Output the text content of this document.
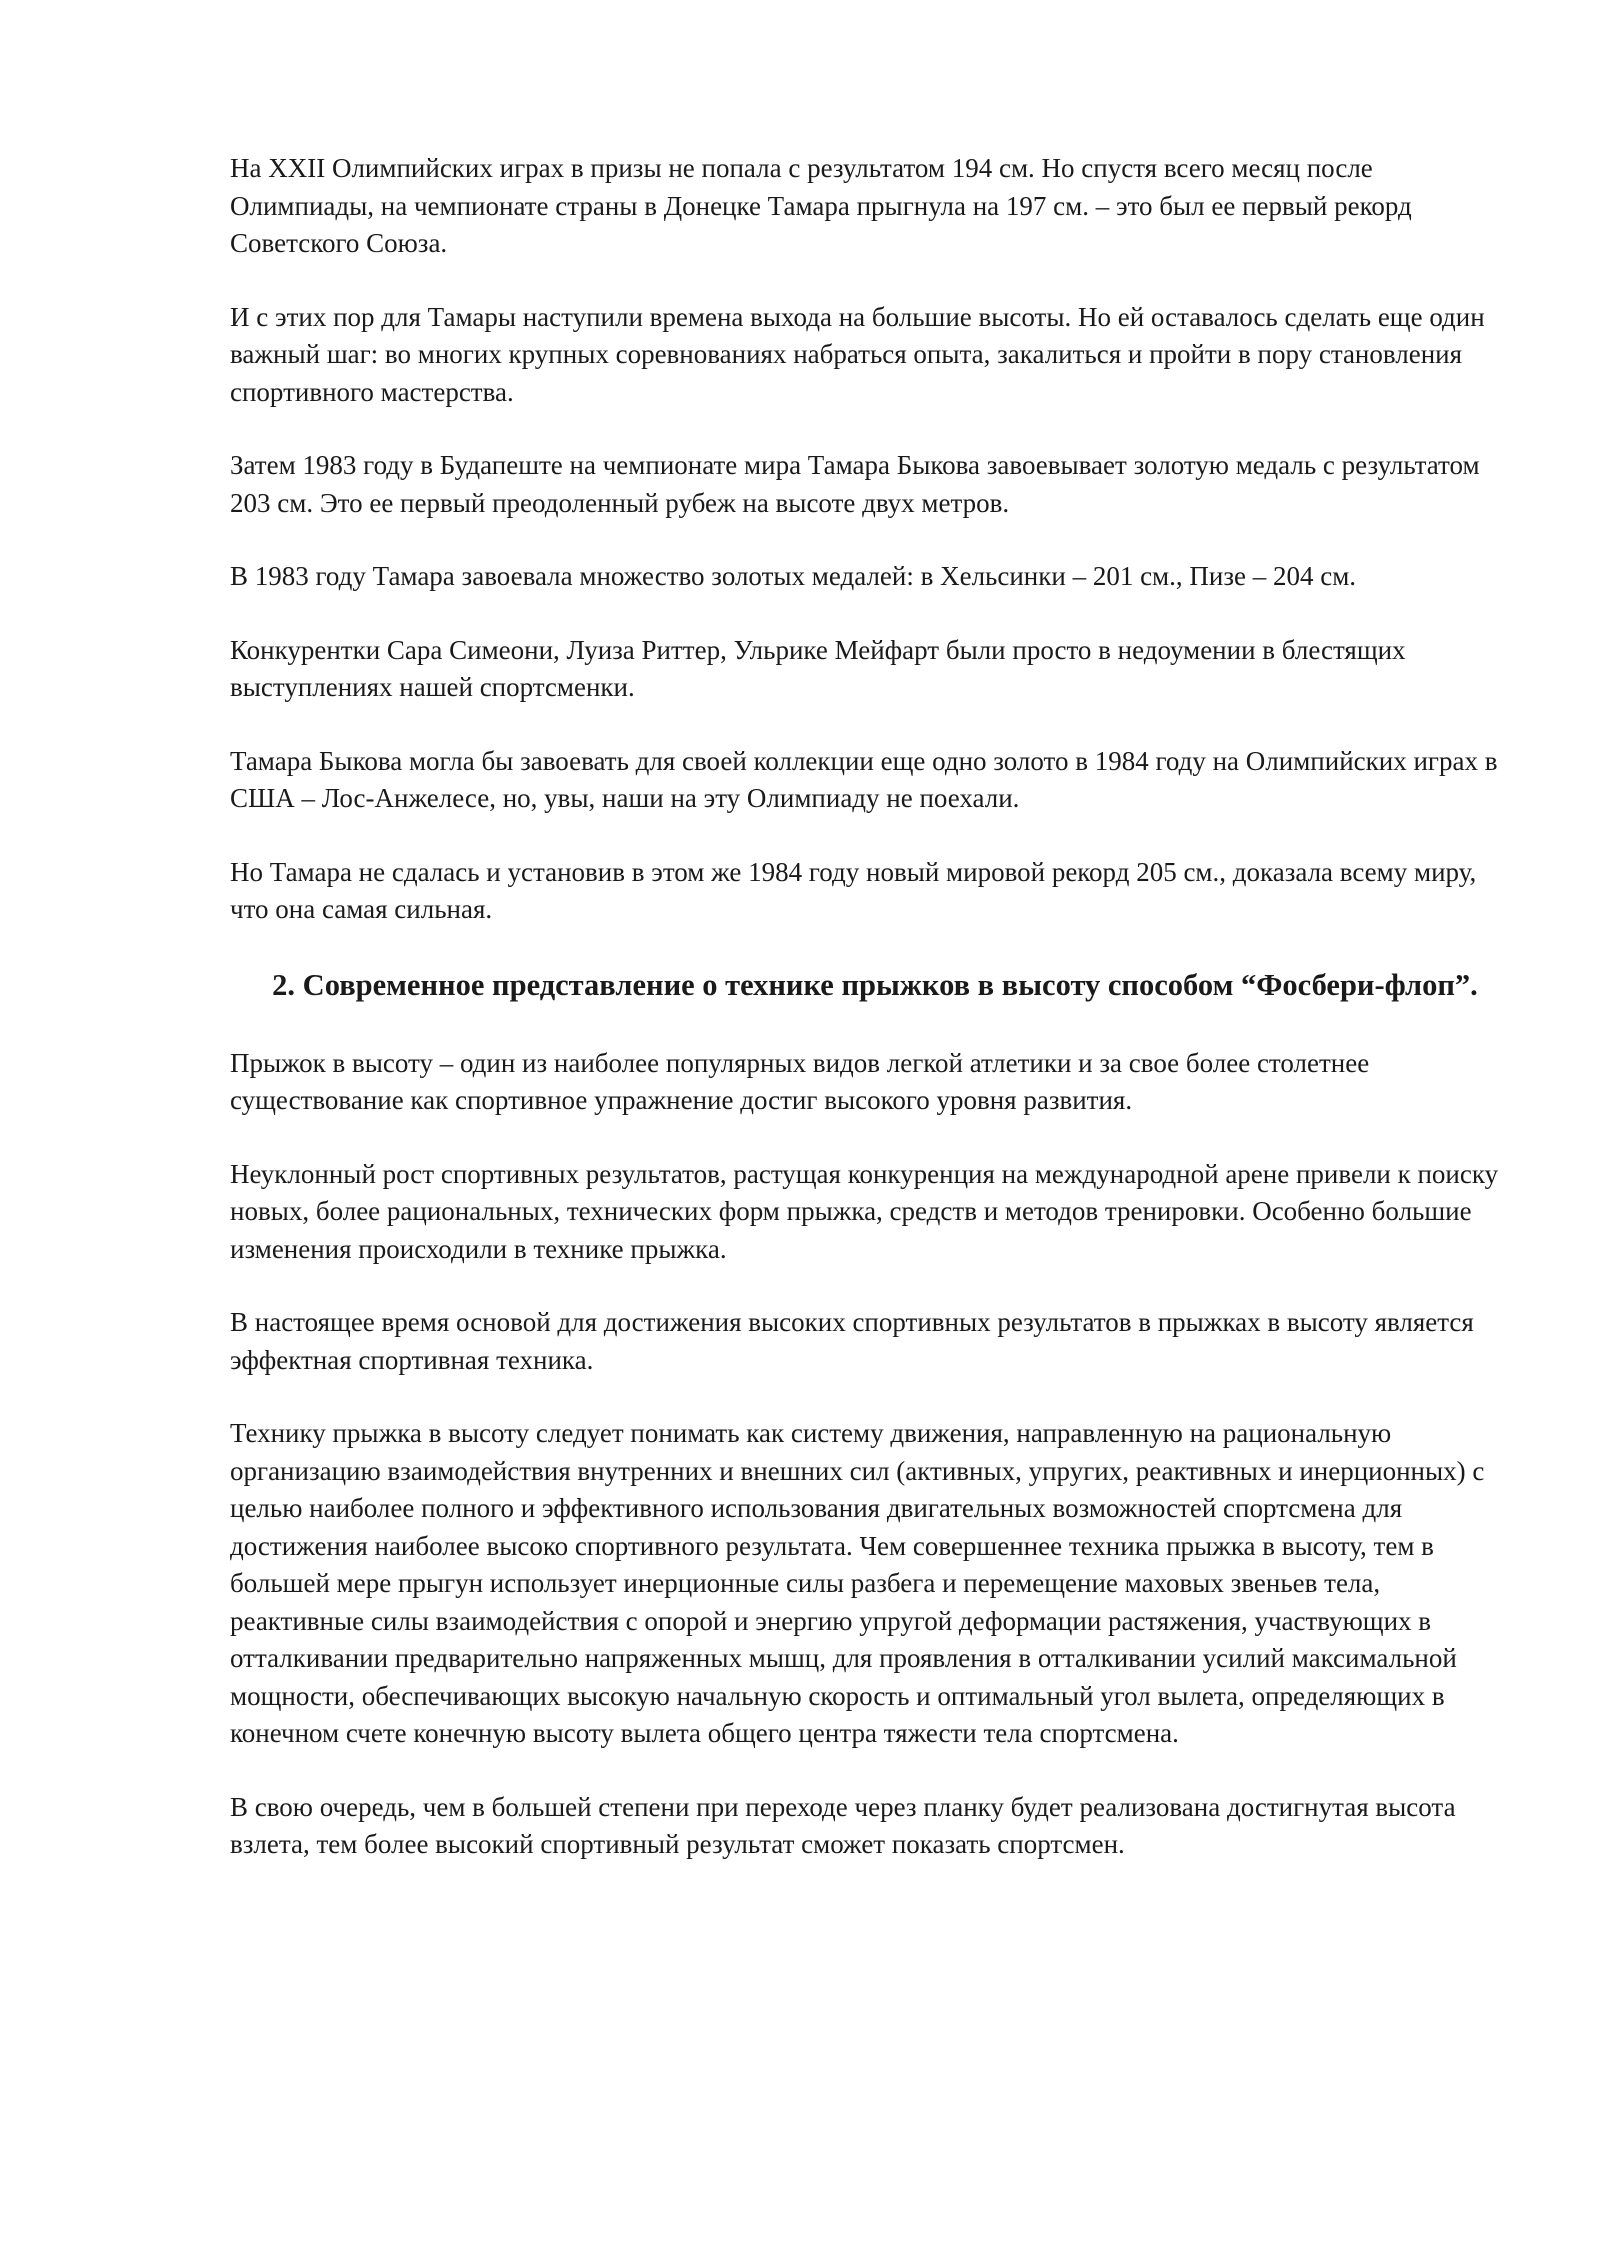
На XXII Олимпийских играх в призы не попала с результатом 194 см. Но спустя всего месяц после Олимпиады, на чемпионате страны в Донецке Тамара прыгнула на 197 см. – это был ее первый рекорд Советского Союза.

И с этих пор для Тамары наступили времена выхода на большие высоты. Но ей оставалось сделать еще один важный шаг: во многих крупных соревнованиях набраться опыта, закалиться и пройти в пору становления спортивного мастерства.

Затем 1983 году в Будапеште на чемпионате мира Тамара Быкова завоевывает золотую медаль с результатом 203 см. Это ее первый преодоленный рубеж на высоте двух метров.

В 1983 году Тамара завоевала множество золотых медалей: в Хельсинки – 201 см., Пизе – 204 см.

Конкурентки Сара Симеони, Луиза Риттер, Ульрике Мейфарт были просто в недоумении в блестящих выступлениях нашей спортсменки.

Тамара Быкова могла бы завоевать для своей коллекции еще одно золото в 1984 году на Олимпийских играх в США – Лос-Анжелесе, но, увы, наши на эту Олимпиаду не поехали.

Но Тамара не сдалась и установив в этом же 1984 году новый мировой рекорд 205 см., доказала всему миру, что она самая сильная.

2. Современное представление о технике прыжков в высоту способом “Фосбери-флоп”.

Прыжок в высоту – один из наиболее популярных видов легкой атлетики и за свое более столетнее существование как спортивное упражнение достиг высокого уровня развития.

Неуклонный рост спортивных результатов, растущая конкуренция на международной арене привели к поиску новых, более рациональных, технических форм прыжка, средств и методов тренировки. Особенно большие изменения происходили в технике прыжка.

В настоящее время основой для достижения высоких спортивных результатов в прыжках в высоту является эффектная спортивная техника.

Технику прыжка в высоту следует понимать как систему движения, направленную на рациональную организацию взаимодействия внутренних и внешних сил (активных, упругих, реактивных и инерционных) с целью наиболее полного и эффективного использования двигательных возможностей спортсмена для достижения наиболее высоко спортивного результата. Чем совершеннее техника прыжка в высоту, тем в большей мере прыгун использует инерционные силы разбега и перемещение маховых звеньев тела, реактивные силы взаимодействия с опорой и энергию упругой деформации растяжения, участвующих в отталкивании предварительно напряженных мышц, для проявления в отталкивании усилий максимальной мощности, обеспечивающих высокую начальную скорость и оптимальный угол вылета, определяющих в конечном счете конечную высоту вылета общего центра тяжести тела спортсмена.

В свою очередь, чем в большей степени при переходе через планку будет реализована достигнутая высота взлета, тем более высокий спортивный результат сможет показать спортсмен.
